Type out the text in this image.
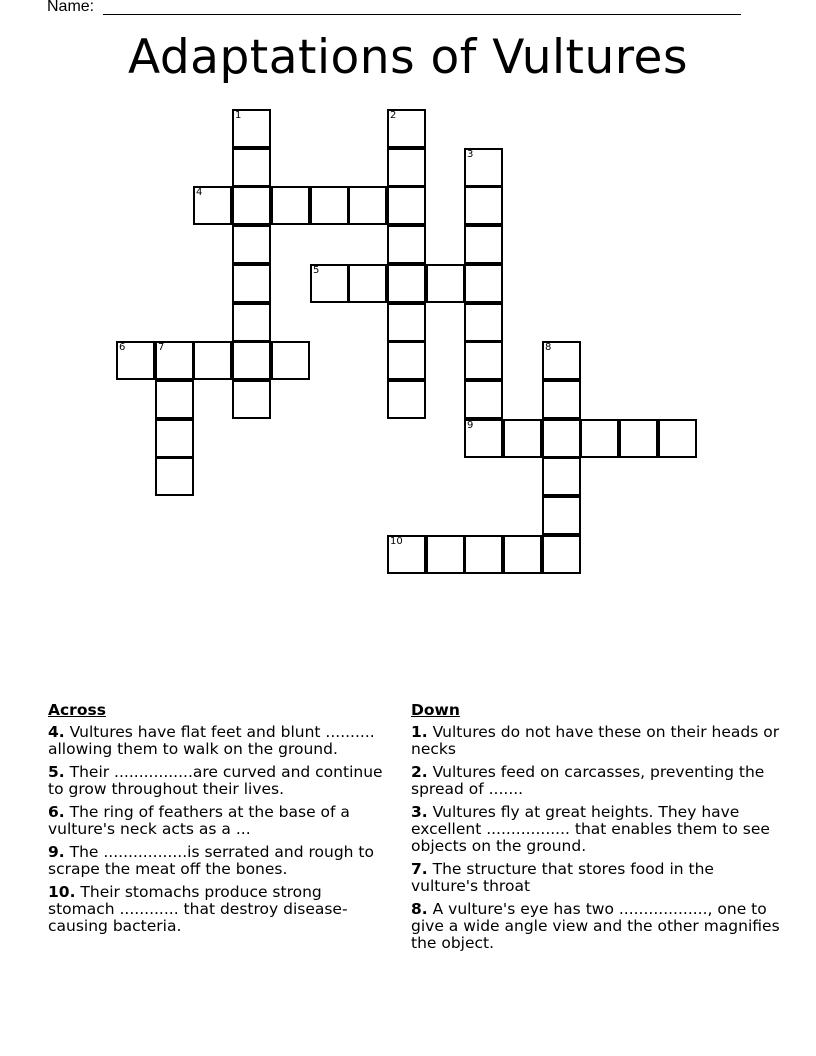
Name:
Adaptations of Vultures
1	2
3
9
4
5
6	7	8
10
Across
4. Vultures have flat feet and blunt .......... allowing them to walk on the ground.
5. Their ................are curved and continue to grow throughout their lives.
6. The ring of feathers at the base of a vulture's neck acts as a ...
9. The .................is serrated and rough to scrape the meat off the bones.
10. Their stomachs produce strong stomach ............ that destroy disease-causing bacteria.
Down
1. Vultures do not have these on their heads or necks
2. Vultures feed on carcasses, preventing the spread of .......
3. Vultures fly at great heights. They have excellent ................. that enables them to see objects on the ground.
7. The structure that stores food in the vulture's throat
8. A vulture's eye has two .................., one to give a wide angle view and the other magnifies the object.
